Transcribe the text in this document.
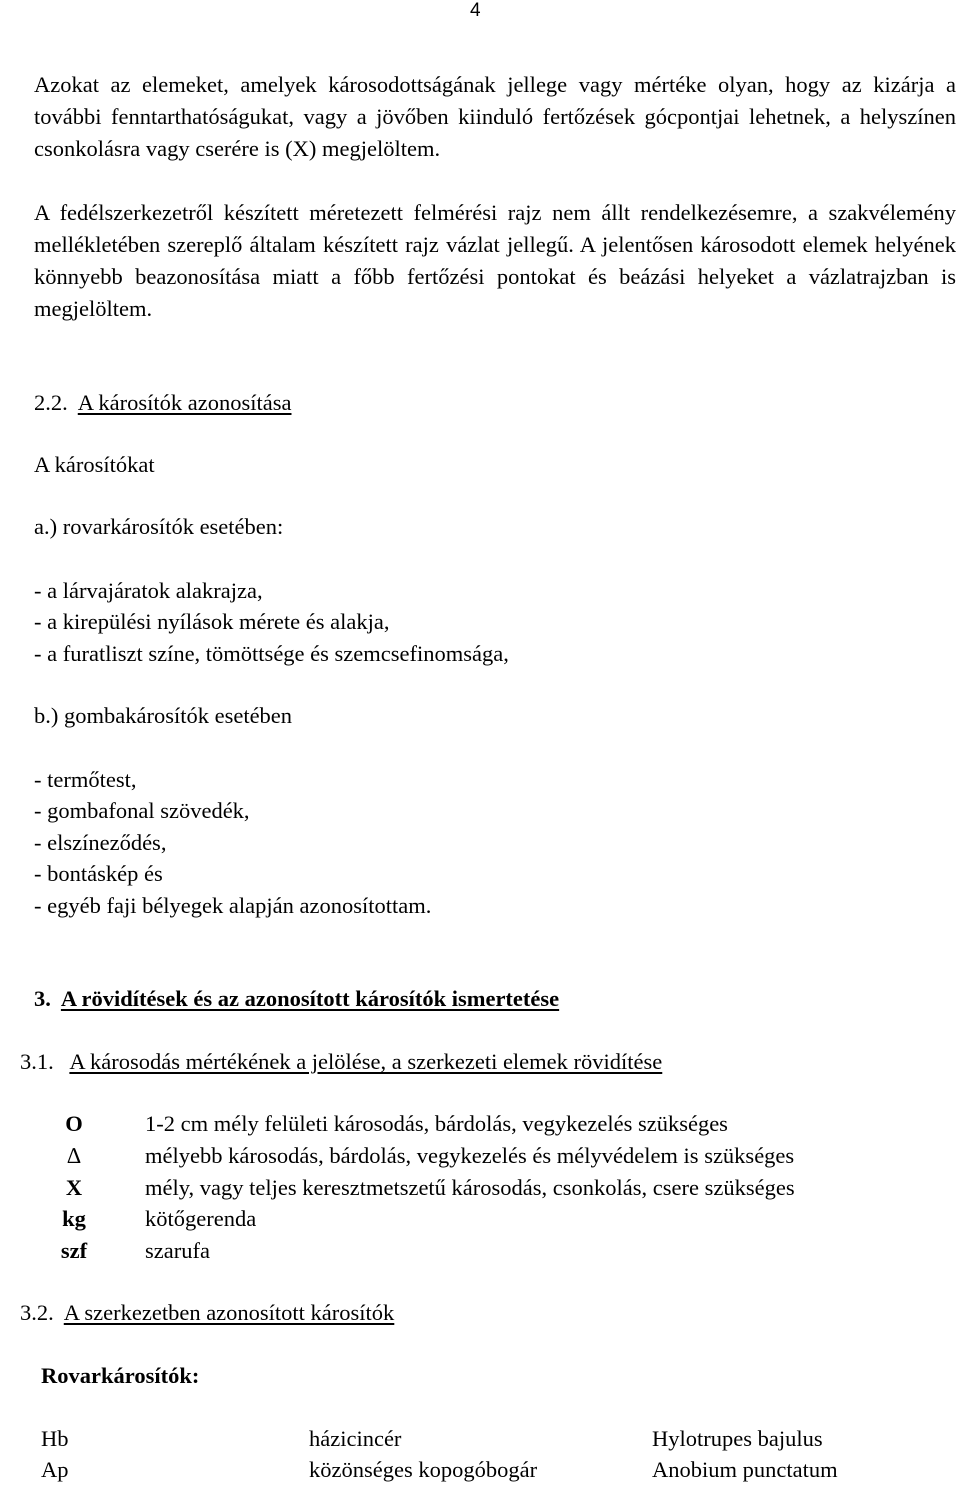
4

Azokat az elemeket, amelyek károsodottságának jellege vagy mértéke olyan, hogy az kizárja a további fenntarthatóságukat, vagy a jövőben kiinduló fertőzések gócpontjai lehetnek, a helyszínen csonkolásra vagy cserére is (X) megjelöltem.

A fedélszerkezetről készített méretezett felmérési rajz nem állt rendelkezésemre, a szakvélemény mellékletében szereplő általam készített rajz vázlat jellegű. A jelentősen károsodott elemek helyének könnyebb beazonosítása miatt a főbb fertőzési pontokat és beázási helyeket a vázlatrajzban is megjelöltem.

2.2. A károsítók azonosítása
A károsítókat
a.) rovarkárosítók esetében:
- a lárvajáratok alakrajza,
- a kirepülési nyílások mérete és alakja,
- a furatliszt színe, tömöttsége és szemcsefinomsága,
b.) gombakárosítók esetében
- termőtest,
- gombafonal szövedék,
- elszíneződés,
- bontáskép és
- egyéb faji bélyegek alapján azonosítottam.
3. A rövidítések és az azonosított károsítók ismertetése
3.1. A károsodás mértékének a jelölése, a szerkezeti elemek rövidítése
O	1-2 cm mély felületi károsodás, bárdolás, vegykezelés szükséges
∆	mélyebb károsodás, bárdolás, vegykezelés és mélyvédelem is szükséges
X	mély, vagy teljes keresztmetszetű károsodás, csonkolás, csere szükséges
kg	kötőgerenda
szf	szarufa
3.2. A szerkezetben azonosított károsítók
Rovarkárosítók:
Hb	házicincér	Hylotrupes bajulus
Ap	közönséges kopogóbogár	Anobium punctatum
